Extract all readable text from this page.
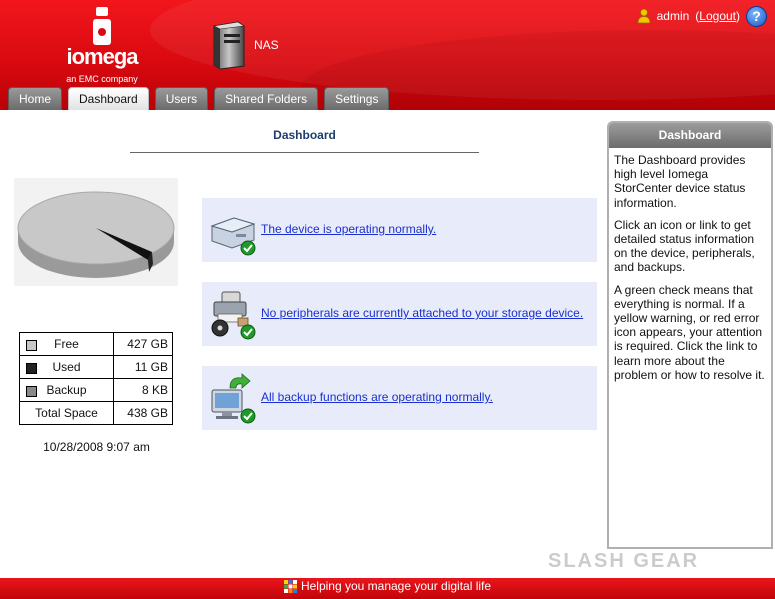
iomega
an EMC company
NAS
admin (Logout) ?
Home	Dashboard	Users	Shared Folders	Settings
Dashboard
Free	427 GB

Used	11 GB

Backup	8 KB
Total Space	438 GB
10/28/2008 9:07 am
The device is operating normally.
No peripherals are currently attached to your storage device.
All backup functions are operating normally.
Dashboard

The Dashboard provides high level Iomega StorCenter device status information.

Click an icon or link to get detailed status information on the device, peripherals, and backups.

A green check means that everything is normal. If a yellow warning, or red error icon appears, your attention is required. Click the link to learn more about the problem or how to resolve it.

SLASH GEAR
Helping you manage your digital life
